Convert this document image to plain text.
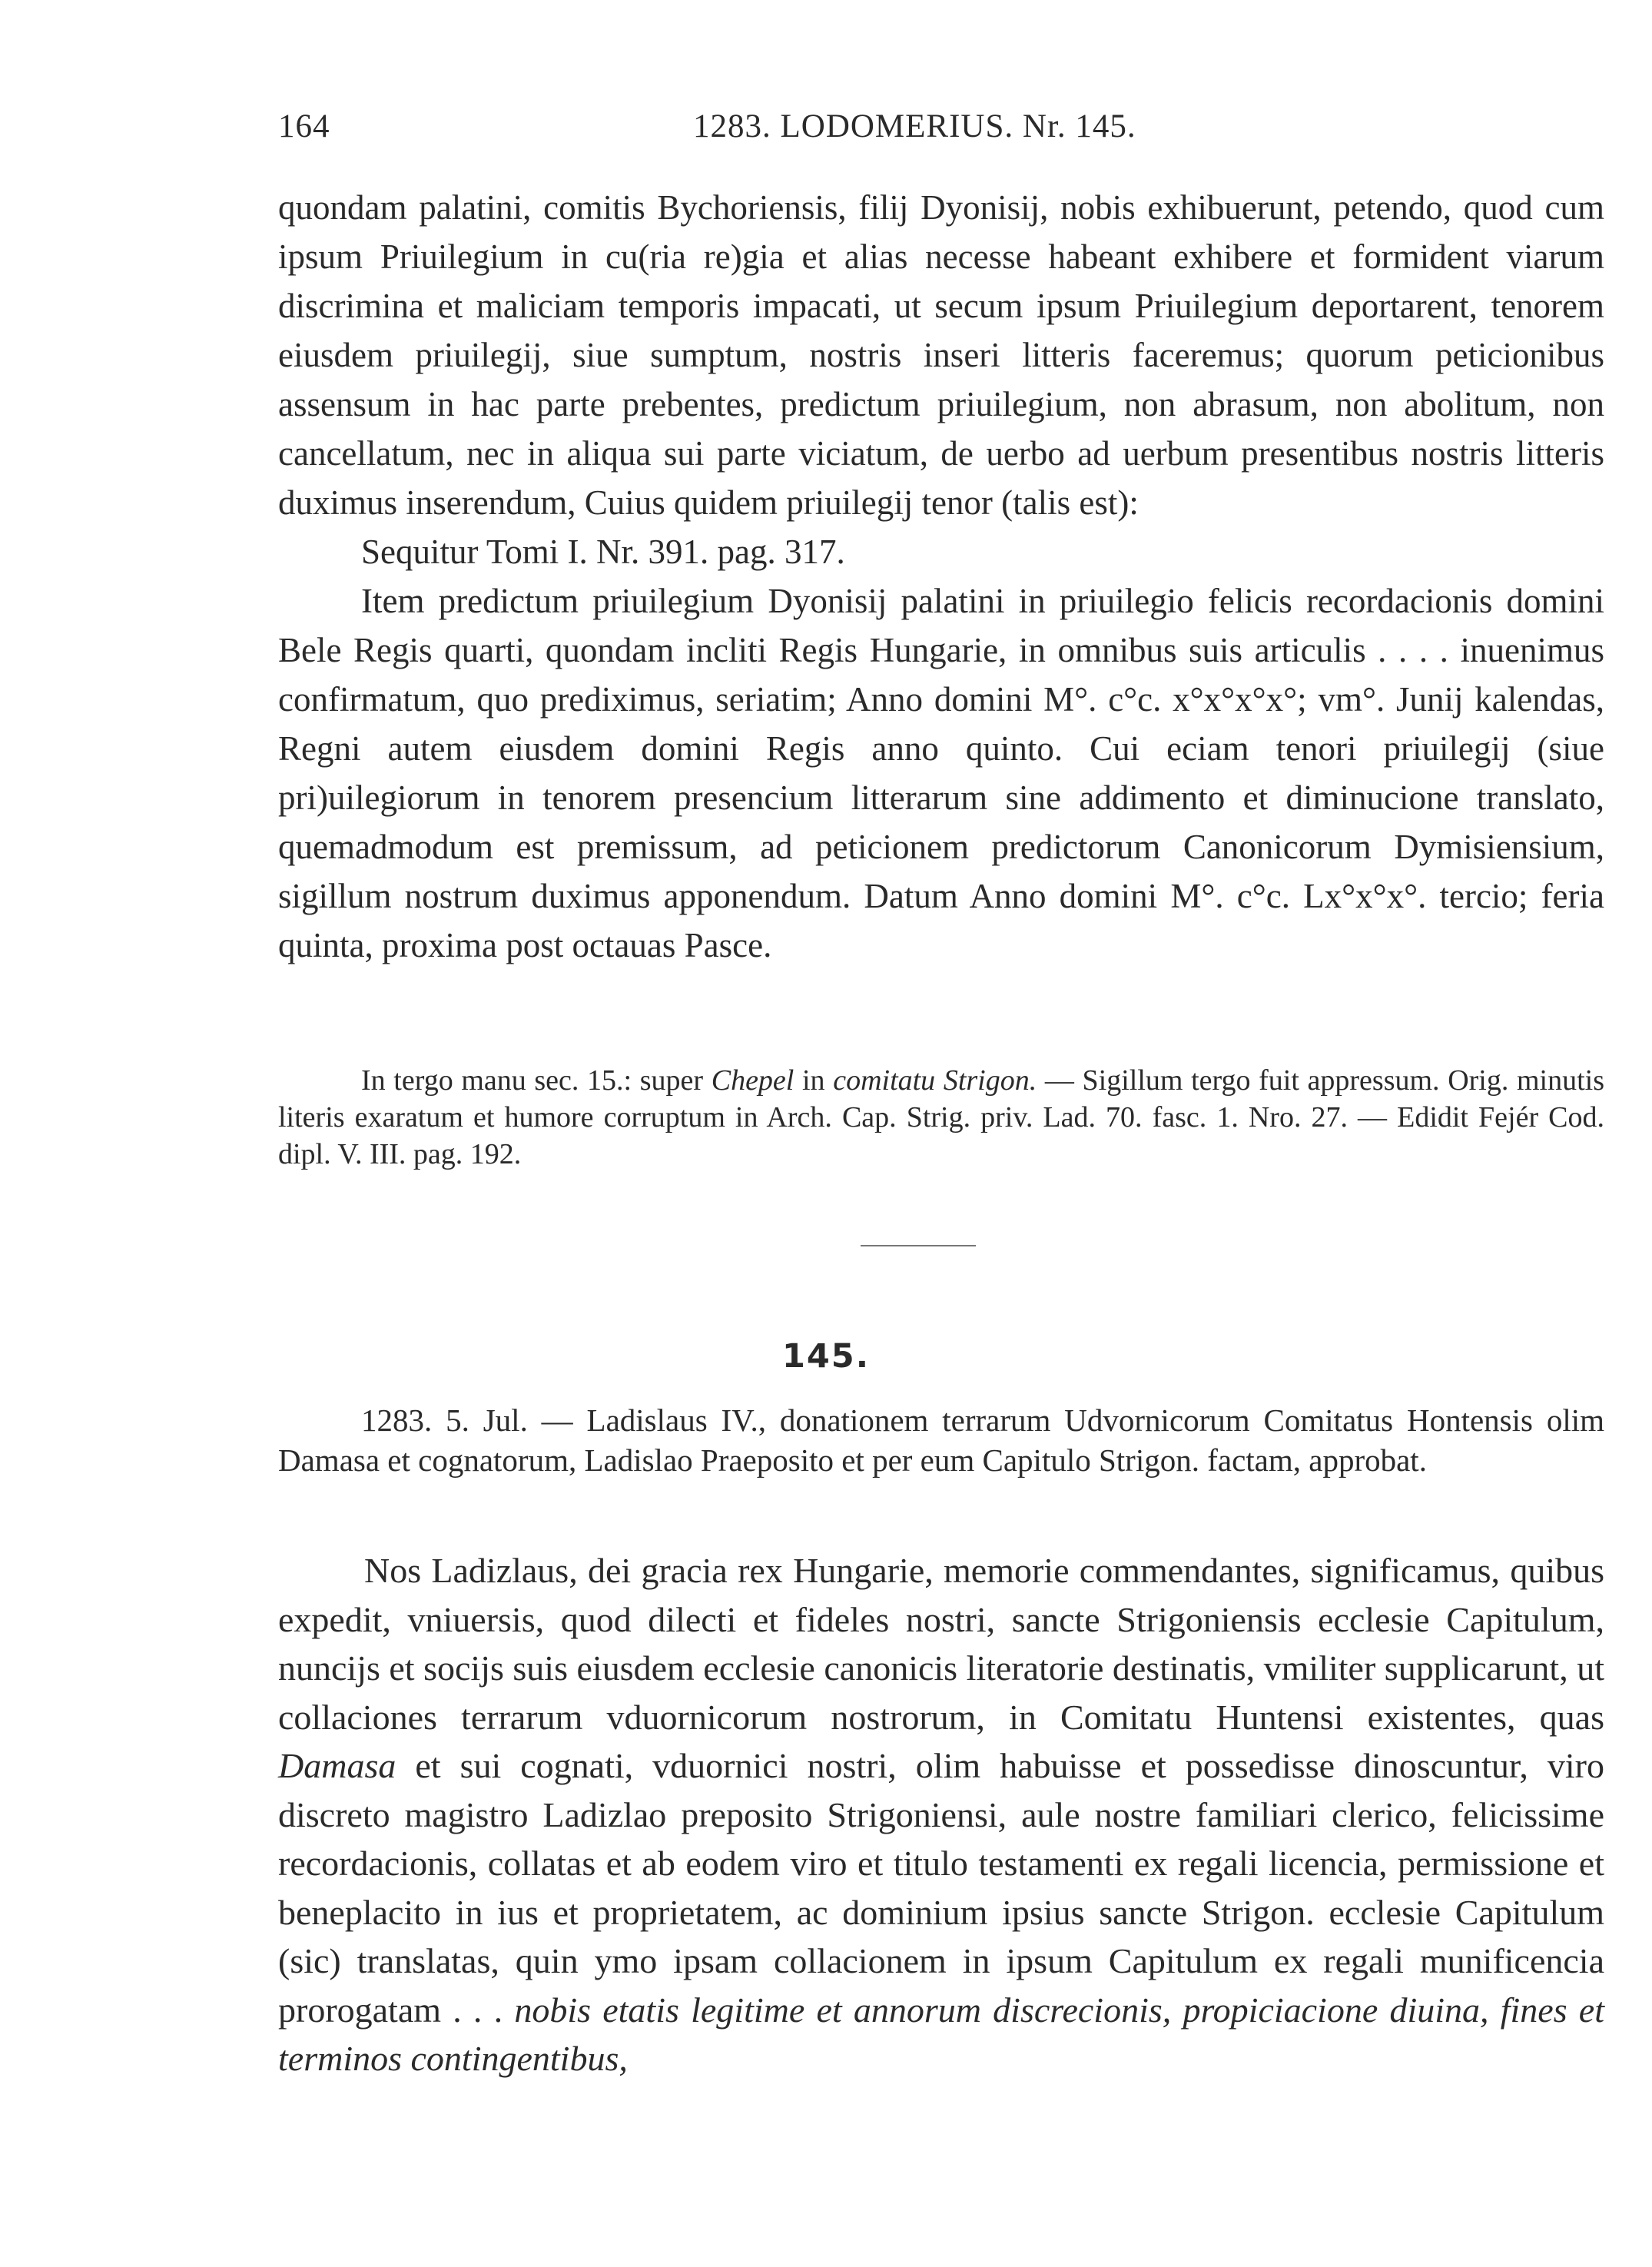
164	1283. LODOMERIUS. Nr. 145.

quondam palatini, comitis Bychoriensis, filij Dyonisij, nobis exhibuerunt, petendo, quod cum ipsum Priuilegium in cu(ria re)gia et alias necesse habeant exhibere et formident viarum discrimina et maliciam temporis impacati, ut secum ipsum Priuilegium deportarent, tenorem eiusdem priuilegij, siue sumptum, nostris inseri litteris faceremus; quorum peticionibus assensum in hac parte prebentes, predictum priuilegium, non abrasum, non abolitum, non cancellatum, nec in aliqua sui parte viciatum, de uerbo ad uerbum presentibus nostris litteris duximus inserendum, Cuius quidem priuilegij tenor (talis est):

Sequitur Tomi I. Nr. 391. pag. 317.

Item predictum priuilegium Dyonisij palatini in priuilegio felicis recordacionis domini Bele Regis quarti, quondam incliti Regis Hungarie, in omnibus suis articulis . . . . inuenimus confirmatum, quo prediximus, seriatim; Anno domini M°. c°c. x°x°x°x°; vm°. Junij kalendas, Regni autem eiusdem domini Regis anno quinto. Cui eciam tenori priuilegij (siue pri)uilegiorum in tenorem presencium litterarum sine addimento et diminucione translato, quemadmodum est premissum, ad peticionem predictorum Canonicorum Dymisiensium, sigillum nostrum duximus apponendum. Datum Anno domini M°. c°c. Lx°x°x°. tercio; feria quinta, proxima post octauas Pasce.

In tergo manu sec. 15.: super Chepel in comitatu Strigon. — Sigillum tergo fuit appressum. Orig. minutis literis exaratum et humore corruptum in Arch. Cap. Strig. priv. Lad. 70. fasc. 1. Nro. 27. — Edidit Fejér Cod. dipl. V. III. pag. 192.

145.

1283. 5. Jul. — Ladislaus IV., donationem terrarum Udvornicorum Comitatus Hontensis olim Damasa et cognatorum, Ladislao Praeposito et per eum Capitulo Strigon. factam, approbat.

Nos Ladizlaus, dei gracia rex Hungarie, memorie commendantes, significamus, quibus expedit, vniuersis, quod dilecti et fideles nostri, sancte Strigoniensis ecclesie Capitulum, nuncijs et socijs suis eiusdem ecclesie canonicis literatorie destinatis, vmiliter supplicarunt, ut collaciones terrarum vduornicorum nostrorum, in Comitatu Huntensi existentes, quas Damasa et sui cognati, vduornici nostri, olim habuisse et possedisse dinoscuntur, viro discreto magistro Ladizlao preposito Strigoniensi, aule nostre familiari clerico, felicissime recordacionis, collatas et ab eodem viro et titulo testamenti ex regali licencia, permissione et beneplacito in ius et proprietatem, ac dominium ipsius sancte Strigon. ecclesie Capitulum (sic) translatas, quin ymo ipsam collacionem in ipsum Capitulum ex regali munificencia prorogatam . . . nobis etatis legitime et annorum discrecionis, propiciacione diuina, fines et terminos contingentibus,
